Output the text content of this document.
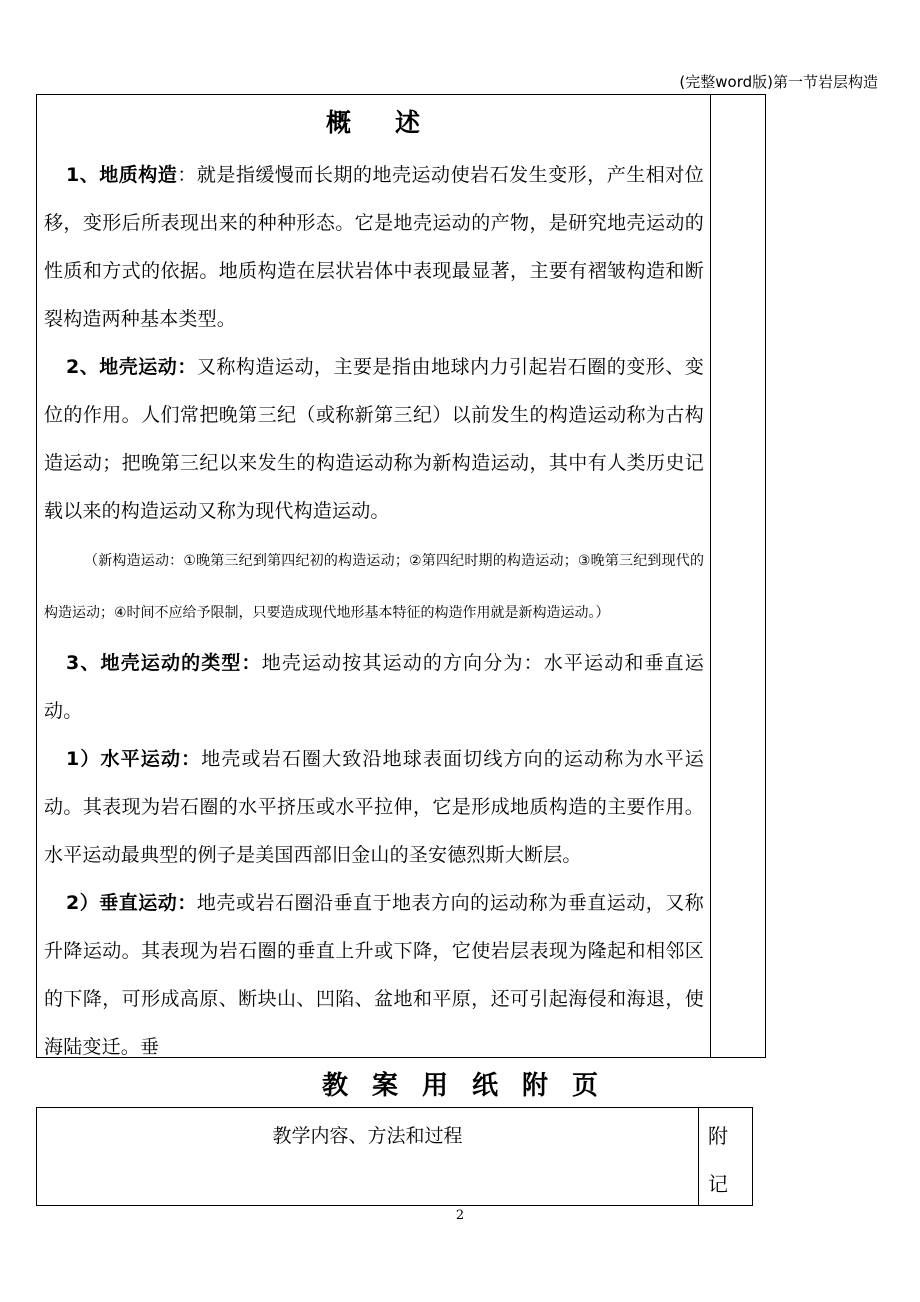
(完整word版)第一节岩层构造
概 述

1、地质构造：就是指缓慢而长期的地壳运动使岩石发生变形，产生相对位移，变形后所表现出来的种种形态。它是地壳运动的产物，是研究地壳运动的性质和方式的依据。地质构造在层状岩体中表现最显著，主要有褶皱构造和断裂构造两种基本类型。

2、地壳运动：又称构造运动，主要是指由地球内力引起岩石圈的变形、变位的作用。人们常把晚第三纪（或称新第三纪）以前发生的构造运动称为古构造运动；把晚第三纪以来发生的构造运动称为新构造运动，其中有人类历史记载以来的构造运动又称为现代构造运动。

（新构造运动：①晚第三纪到第四纪初的构造运动；②第四纪时期的构造运动；③晚第三纪到现代的构造运动；④时间不应给予限制，只要造成现代地形基本特征的构造作用就是新构造运动。）

3、地壳运动的类型：地壳运动按其运动的方向分为：水平运动和垂直运动。

1）水平运动：地壳或岩石圈大致沿地球表面切线方向的运动称为水平运动。其表现为岩石圈的水平挤压或水平拉伸，它是形成地质构造的主要作用。水平运动最典型的例子是美国西部旧金山的圣安德烈斯大断层。

2）垂直运动：地壳或岩石圈沿垂直于地表方向的运动称为垂直运动，又称升降运动。其表现为岩石圈的垂直上升或下降，它使岩层表现为隆起和相邻区的下降，可形成高原、断块山、凹陷、盆地和平原，还可引起海侵和海退，使海陆变迁。垂

教 案 用 纸 附 页
教学内容、方法和过程	附
记
2
